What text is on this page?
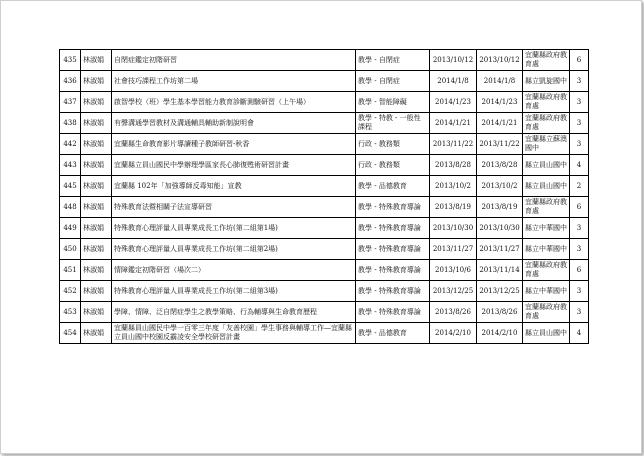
435	林淑娟	自閉症鑑定初階研習	教學 - 自閉症	2013/10/12	2013/10/12	宜蘭縣政府教育處	6
436	林淑娟	社會技巧課程工作坊第二場	教學 - 自閉症	2014/1/8	2014/1/8	縣立凱旋國中	3
437	林淑娟	啟智學校（班）學生基本學習能力教育診斷測驗研習（上午場）	教學 - 智能障礙	2014/1/23	2014/1/23	宜蘭縣政府教育處	3
438	林淑娟	有聲溝通學習教材及溝通輔具輔助新制說明會	教學 - 特教 - 一般性課程	2014/1/21	2014/1/21	宜蘭縣政府教育處	3
442	林淑娟	宜蘭縣生命教育影片導讀種子教師研習-秋香	行政 - 教務類	2013/11/22	2013/11/22	宜蘭縣立蘇澳國中	3
443	林淑娟	宜蘭縣立員山國民中學辦理學區家長心肺復甦術研習計畫	行政 - 教務類	2013/8/28	2013/8/28	縣立員山國中	4
445	林淑娟	宜蘭縣 102年「加強導師反毒知能」宣教	教學 - 品德教育	2013/10/2	2013/10/2	縣立員山國中	2
448	林淑娟	特殊教育法暨相關子法宣導研習	教學 - 特殊教育導論	2013/8/19	2013/8/19	宜蘭縣政府教育處	6
449	林淑娟	特殊教育心理評量人員專業成長工作坊(第二組第1場)	教學 - 特殊教育導論	2013/10/30	2013/10/30	縣立中華國中	3
450	林淑娟	特殊教育心理評量人員專業成長工作坊(第二組第2場)	教學 - 特殊教育導論	2013/11/27	2013/11/27	縣立中華國中	3
451	林淑娟	情障鑑定初階研習（場次二）	教學 - 特殊教育導論	2013/10/6	2013/11/14	宜蘭縣政府教育處	6
452	林淑娟	特殊教育心理評量人員專業成長工作坊(第二組第3場)	教學 - 特殊教育導論	2013/12/25	2013/12/25	縣立中華國中	3
453	林淑娟	學障、情障、泛自閉症學生之教學策略、行為輔導與生命教育歷程	教學 - 特殊教育導論	2013/8/26	2013/8/26	宜蘭縣政府教育處	3
454	林淑娟	宜蘭縣員山國民中學一百零三年度「友善校園」學生事務與輔導工作—宜蘭縣立員山國中校園反霸凌安全學校研習計畫	教學 - 品德教育	2014/2/10	2014/2/10	縣立員山國中	4
